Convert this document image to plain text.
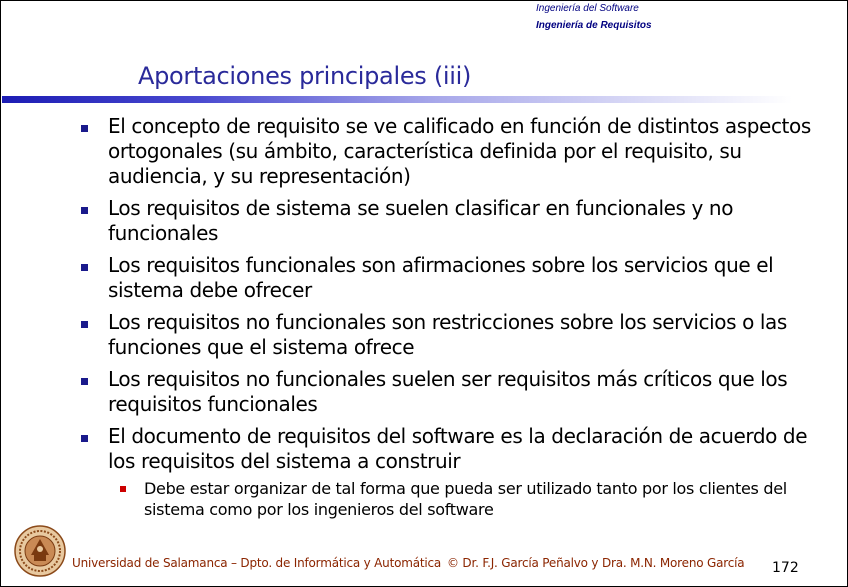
Ingeniería del Software
Ingeniería de Requisitos
Aportaciones principales (iii)
El concepto de requisito se ve calificado en función de distintos aspectos ortogonales (su ámbito, característica definida por el requisito, su audiencia, y su representación)
Los requisitos de sistema se suelen clasificar en funcionales y no funcionales
Los requisitos funcionales son afirmaciones sobre los servicios que el sistema debe ofrecer
Los requisitos no funcionales son restricciones sobre los servicios o las funciones que el sistema ofrece
Los requisitos no funcionales suelen ser requisitos más críticos que los requisitos funcionales
El documento de requisitos del software es la declaración de acuerdo de los requisitos del sistema a construir
Debe estar organizar de tal forma que pueda ser utilizado tanto por los clientes del sistema como por los ingenieros del software
Universidad de Salamanca – Dpto. de Informática y Automática © Dr. F.J. García Peñalvo y Dra. M.N. Moreno García 172
